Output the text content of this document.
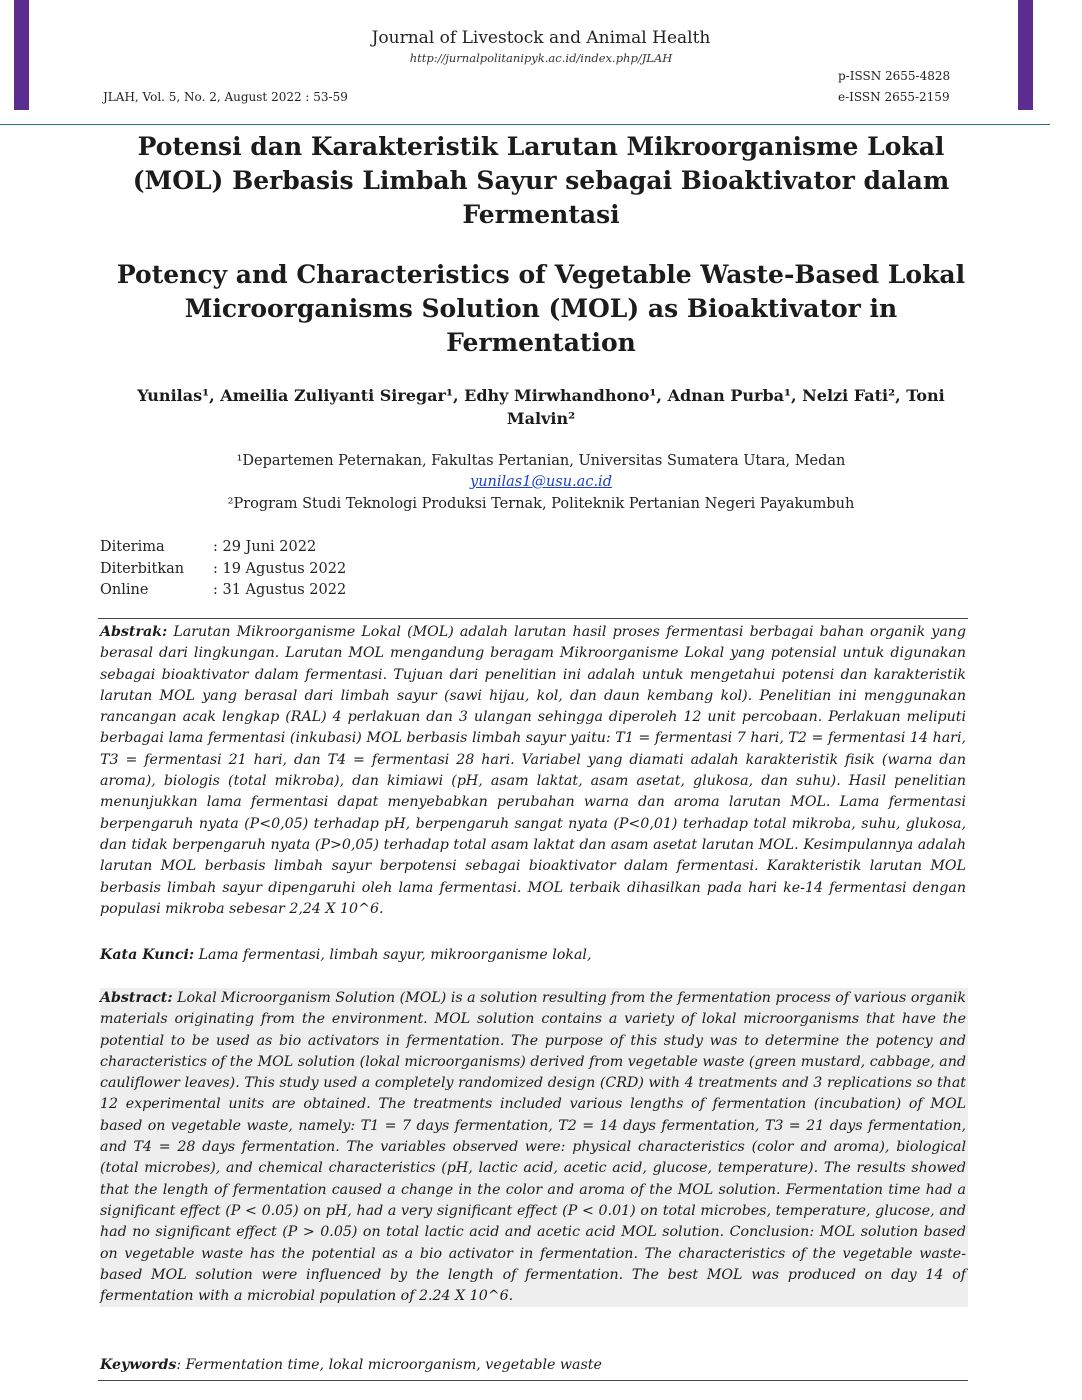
Journal of Livestock and Animal Health
http://jurnalpolitanipyk.ac.id/index.php/JLAH
JLAH, Vol. 5, No. 2, August 2022 : 53-59
p-ISSN 2655-4828
e-ISSN 2655-2159
Potensi dan Karakteristik Larutan Mikroorganisme Lokal (MOL) Berbasis Limbah Sayur sebagai Bioaktivator dalam Fermentasi
Potency and Characteristics of Vegetable Waste-Based Lokal Microorganisms Solution (MOL) as Bioaktivator in Fermentation
Yunilas¹, Ameilia Zuliyanti Siregar¹, Edhy Mirwhandhono¹, Adnan Purba¹, Nelzi Fati², Toni Malvin²
¹Departemen Peternakan, Fakultas Pertanian, Universitas Sumatera Utara, Medan
yunilas1@usu.ac.id
²Program Studi Teknologi Produksi Ternak, Politeknik Pertanian Negeri Payakumbuh
Diterima	: 29 Juni 2022
Diterbitkan	: 19 Agustus 2022
Online	: 31 Agustus 2022
Abstrak: Larutan Mikroorganisme Lokal (MOL) adalah larutan hasil proses fermentasi berbagai bahan organik yang berasal dari lingkungan. Larutan MOL mengandung beragam Mikroorganisme Lokal yang potensial untuk digunakan sebagai bioaktivator dalam fermentasi. Tujuan dari penelitian ini adalah untuk mengetahui potensi dan karakteristik larutan MOL yang berasal dari limbah sayur (sawi hijau, kol, dan daun kembang kol). Penelitian ini menggunakan rancangan acak lengkap (RAL) 4 perlakuan dan 3 ulangan sehingga diperoleh 12 unit percobaan. Perlakuan meliputi berbagai lama fermentasi (inkubasi) MOL berbasis limbah sayur yaitu: T1 = fermentasi 7 hari, T2 = fermentasi 14 hari, T3 = fermentasi 21 hari, dan T4 = fermentasi 28 hari. Variabel yang diamati adalah karakteristik fisik (warna dan aroma), biologis (total mikroba), dan kimiawi (pH, asam laktat, asam asetat, glukosa, dan suhu). Hasil penelitian menunjukkan lama fermentasi dapat menyebabkan perubahan warna dan aroma larutan MOL. Lama fermentasi berpengaruh nyata (P<0,05) terhadap pH, berpengaruh sangat nyata (P<0,01) terhadap total mikroba, suhu, glukosa, dan tidak berpengaruh nyata (P>0,05) terhadap total asam laktat dan asam asetat larutan MOL. Kesimpulannya adalah larutan MOL berbasis limbah sayur berpotensi sebagai bioaktivator dalam fermentasi. Karakteristik larutan MOL berbasis limbah sayur dipengaruhi oleh lama fermentasi. MOL terbaik dihasilkan pada hari ke-14 fermentasi dengan populasi mikroba sebesar 2,24 X 10^6.
Kata Kunci: Lama fermentasi, limbah sayur, mikroorganisme lokal,
Abstract: Lokal Microorganism Solution (MOL) is a solution resulting from the fermentation process of various organik materials originating from the environment. MOL solution contains a variety of lokal microorganisms that have the potential to be used as bio activators in fermentation. The purpose of this study was to determine the potency and characteristics of the MOL solution (lokal microorganisms) derived from vegetable waste (green mustard, cabbage, and cauliflower leaves). This study used a completely randomized design (CRD) with 4 treatments and 3 replications so that 12 experimental units are obtained. The treatments included various lengths of fermentation (incubation) of MOL based on vegetable waste, namely: T1 = 7 days fermentation, T2 = 14 days fermentation, T3 = 21 days fermentation, and T4 = 28 days fermentation. The variables observed were: physical characteristics (color and aroma), biological (total microbes), and chemical characteristics (pH, lactic acid, acetic acid, glucose, temperature). The results showed that the length of fermentation caused a change in the color and aroma of the MOL solution. Fermentation time had a significant effect (P < 0.05) on pH, had a very significant effect (P < 0.01) on total microbes, temperature, glucose, and had no significant effect (P > 0.05) on total lactic acid and acetic acid MOL solution. Conclusion: MOL solution based on vegetable waste has the potential as a bio activator in fermentation. The characteristics of the vegetable waste-based MOL solution were influenced by the length of fermentation. The best MOL was produced on day 14 of fermentation with a microbial population of 2.24 X 10^6.
Keywords: Fermentation time, lokal microorganism, vegetable waste
